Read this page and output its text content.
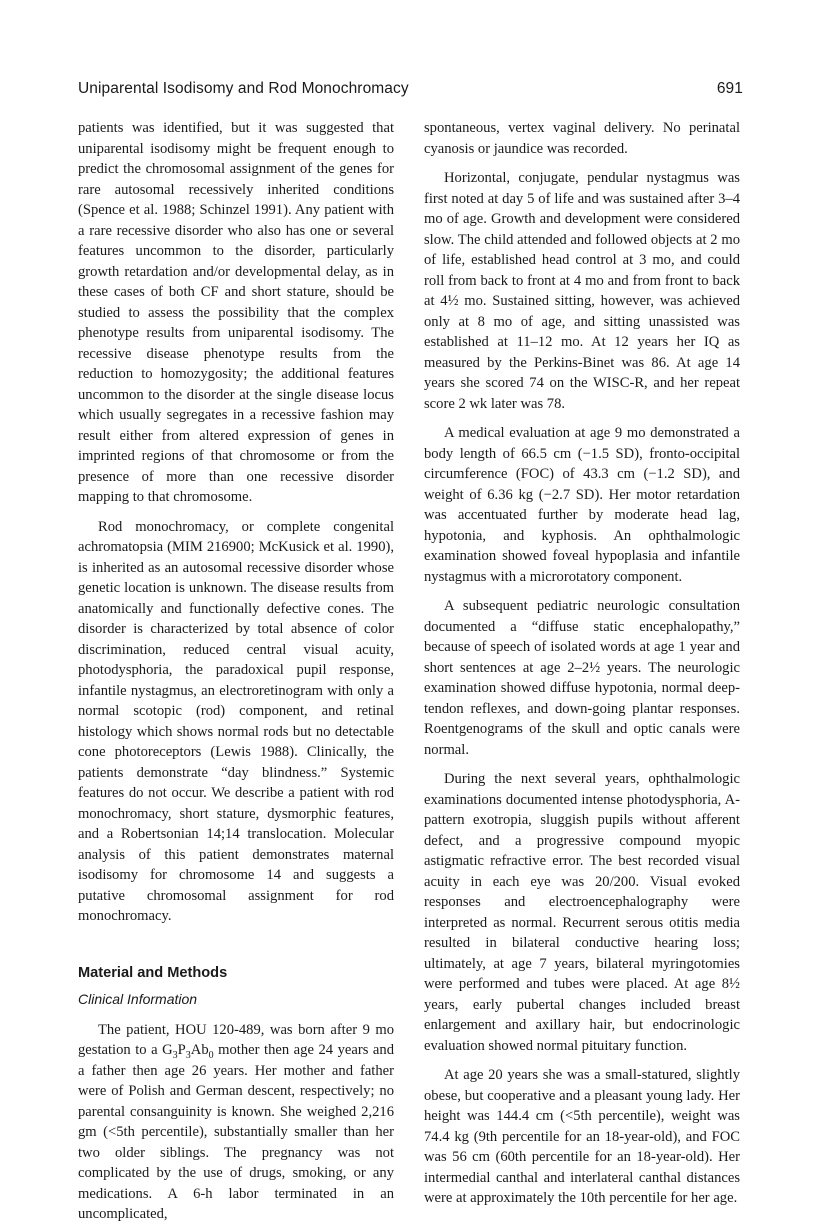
Uniparental Isodisomy and Rod Monochromacy	691

patients was identified, but it was suggested that uniparental isodisomy might be frequent enough to predict the chromosomal assignment of the genes for rare autosomal recessively inherited conditions (Spence et al. 1988; Schinzel 1991). Any patient with a rare recessive disorder who also has one or several features uncommon to the disorder, particularly growth retardation and/or developmental delay, as in these cases of both CF and short stature, should be studied to assess the possibility that the complex phenotype results from uniparental isodisomy. The recessive disease phenotype results from the reduction to homozygosity; the additional features uncommon to the disorder at the single disease locus which usually segregates in a recessive fashion may result either from altered expression of genes in imprinted regions of that chromosome or from the presence of more than one recessive disorder mapping to that chromosome.

Rod monochromacy, or complete congenital achromatopsia (MIM 216900; McKusick et al. 1990), is inherited as an autosomal recessive disorder whose genetic location is unknown. The disease results from anatomically and functionally defective cones. The disorder is characterized by total absence of color discrimination, reduced central visual acuity, photodysphoria, the paradoxical pupil response, infantile nystagmus, an electroretinogram with only a normal scotopic (rod) component, and retinal histology which shows normal rods but no detectable cone photoreceptors (Lewis 1988). Clinically, the patients demonstrate “day blindness.” Systemic features do not occur. We describe a patient with rod monochromacy, short stature, dysmorphic features, and a Robertsonian 14;14 translocation. Molecular analysis of this patient demonstrates maternal isodisomy for chromosome 14 and suggests a putative chromosomal assignment for rod monochromacy.

Material and Methods
Clinical Information

The patient, HOU 120-489, was born after 9 mo gestation to a $G_3P_3Ab_0$ mother then age 24 years and a father then age 26 years. Her mother and father were of Polish and German descent, respectively; no parental consanguinity is known. She weighed 2,216 gm (<5th percentile), substantially smaller than her two older siblings. The pregnancy was not complicated by the use of drugs, smoking, or any medications. A 6-h labor terminated in an uncomplicated,

spontaneous, vertex vaginal delivery. No perinatal cyanosis or jaundice was recorded.

Horizontal, conjugate, pendular nystagmus was first noted at day 5 of life and was sustained after 3–4 mo of age. Growth and development were considered slow. The child attended and followed objects at 2 mo of life, established head control at 3 mo, and could roll from back to front at 4 mo and from front to back at 4½ mo. Sustained sitting, however, was achieved only at 8 mo of age, and sitting unassisted was established at 11–12 mo. At 12 years her IQ as measured by the Perkins-Binet was 86. At age 14 years she scored 74 on the WISC-R, and her repeat score 2 wk later was 78.

A medical evaluation at age 9 mo demonstrated a body length of 66.5 cm (−1.5 SD), fronto-occipital circumference (FOC) of 43.3 cm (−1.2 SD), and weight of 6.36 kg (−2.7 SD). Her motor retardation was accentuated further by moderate head lag, hypotonia, and kyphosis. An ophthalmologic examination showed foveal hypoplasia and infantile nystagmus with a microrotatory component.

A subsequent pediatric neurologic consultation documented a “diffuse static encephalopathy,” because of speech of isolated words at age 1 year and short sentences at age 2–2½ years. The neurologic examination showed diffuse hypotonia, normal deep-tendon reflexes, and down-going plantar responses. Roentgenograms of the skull and optic canals were normal.

During the next several years, ophthalmologic examinations documented intense photodysphoria, A-pattern exotropia, sluggish pupils without afferent defect, and a progressive compound myopic astigmatic refractive error. The best recorded visual acuity in each eye was 20/200. Visual evoked responses and electroencephalography were interpreted as normal. Recurrent serous otitis media resulted in bilateral conductive hearing loss; ultimately, at age 7 years, bilateral myringotomies were performed and tubes were placed. At age 8½ years, early pubertal changes included breast enlargement and axillary hair, but endocrinologic evaluation showed normal pituitary function.

At age 20 years she was a small-statured, slightly obese, but cooperative and a pleasant young lady. Her height was 144.4 cm (<5th percentile), weight was 74.4 kg (9th percentile for an 18-year-old), and FOC was 56 cm (60th percentile for an 18-year-old). Her intermedial canthal and interlateral canthal distances were at approximately the 10th percentile for her age.
